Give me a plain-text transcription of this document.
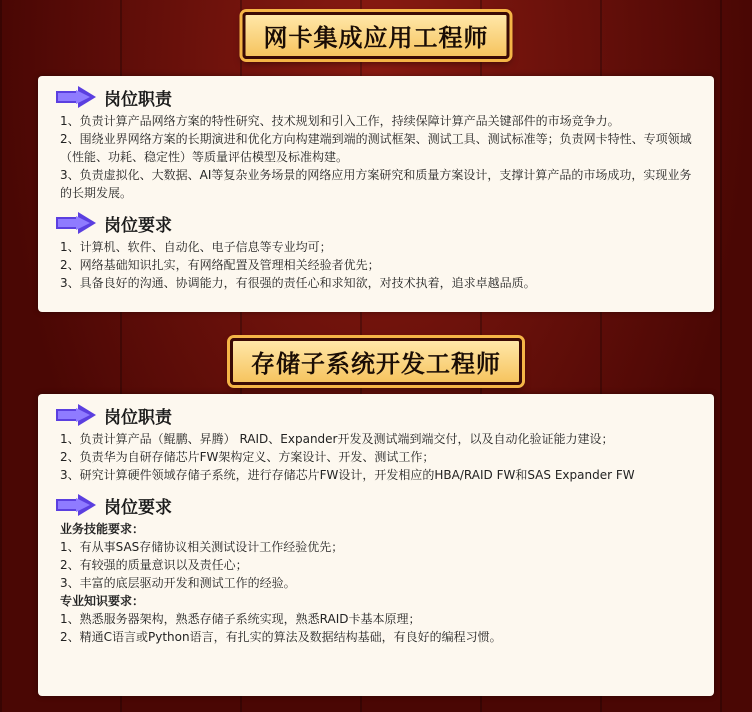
网卡集成应用工程师
岗位职责
1、负责计算产品网络方案的特性研究、技术规划和引入工作，持续保障计算产品关键部件的市场竞争力。
2、围绕业界网络方案的长期演进和优化方向构建端到端的测试框架、测试工具、测试标准等；负责网卡特性、专项领域（性能、功耗、稳定性）等质量评估模型及标准构建。
3、负责虚拟化、大数据、AI等复杂业务场景的网络应用方案研究和质量方案设计，支撑计算产品的市场成功，实现业务的长期发展。
岗位要求
1、计算机、软件、自动化、电子信息等专业均可；
2、网络基础知识扎实，有网络配置及管理相关经验者优先；
3、具备良好的沟通、协调能力，有很强的责任心和求知欲，对技术执着，追求卓越品质。
存储子系统开发工程师
岗位职责
1、负责计算产品（鲲鹏、昇腾） RAID、Expander开发及测试端到端交付，以及自动化验证能力建设；
2、负责华为自研存储芯片FW架构定义、方案设计、开发、测试工作；
3、研究计算硬件领域存储子系统，进行存储芯片FW设计，开发相应的HBA/RAID FW和SAS Expander FW
岗位要求
业务技能要求：
1、有从事SAS存储协议相关测试设计工作经验优先；
2、有较强的质量意识以及责任心；
3、丰富的底层驱动开发和测试工作的经验。
专业知识要求：
1、熟悉服务器架构，熟悉存储子系统实现，熟悉RAID卡基本原理；
2、精通C语言或Python语言，有扎实的算法及数据结构基础，有良好的编程习惯。
